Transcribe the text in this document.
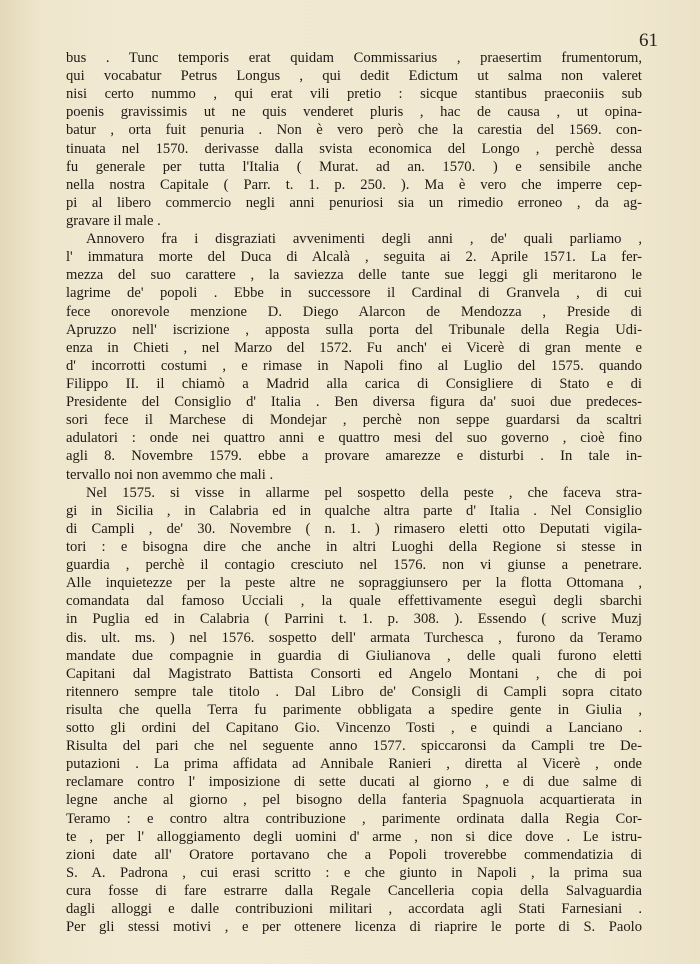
61
bus . Tunc temporis erat quidam Commissarius , praesertim frumentorum,
qui vocabatur Petrus Longus , qui dedit Edictum ut salma non valeret
nisi certo nummo , qui erat vili pretio : sicque stantibus praeconiis sub
poenis gravissimis ut ne quis venderet pluris , hac de causa , ut opina-
batur , orta fuit penuria . Non è vero però che la carestia del 1569. con-
tinuata nel 1570. derivasse dalla svista economica del Longo , perchè dessa
fu generale per tutta l'Italia ( Murat. ad an. 1570. ) e sensibile anche
nella nostra Capitale ( Parr. t. 1. p. 250. ). Ma è vero che imperre cep-
pi al libero commercio negli anni penuriosi sia un rimedio erroneo , da ag-
gravare il male .
Annovero fra i disgraziati avvenimenti degli anni , de' quali parliamo ,
l' immatura morte del Duca di Alcalà , seguita ai 2. Aprile 1571. La fer-
mezza del suo carattere , la saviezza delle tante sue leggi gli meritarono le
lagrime de' popoli . Ebbe in successore il Cardinal di Granvela , di cui
fece onorevole menzione D. Diego Alarcon de Mendozza , Preside di
Apruzzo nell' iscrizione , apposta sulla porta del Tribunale della Regia Udi-
enza in Chieti , nel Marzo del 1572. Fu anch' ei Vicerè di gran mente e
d' incorrotti costumi , e rimase in Napoli fino al Luglio del 1575. quando
Filippo II. il chiamò a Madrid alla carica di Consigliere di Stato e di
Presidente del Consiglio d' Italia . Ben diversa figura da' suoi due predeces-
sori fece il Marchese di Mondejar , perchè non seppe guardarsi da scaltri
adulatori : onde nei quattro anni e quattro mesi del suo governo , cioè fino
agli 8. Novembre 1579. ebbe a provare amarezze e disturbi . In tale in-
tervallo noi non avemmo che mali .
Nel 1575. si visse in allarme pel sospetto della peste , che faceva stra-
gi in Sicilia , in Calabria ed in qualche altra parte d' Italia . Nel Consiglio
di Campli , de' 30. Novembre ( n. 1. ) rimasero eletti otto Deputati vigila-
tori : e bisogna dire che anche in altri Luoghi della Regione si stesse in
guardia , perchè il contagio cresciuto nel 1576. non vi giunse a penetrare.
Alle inquietezze per la peste altre ne sopraggiunsero per la flotta Ottomana ,
comandata dal famoso Ucciali , la quale effettivamente eseguì degli sbarchi
in Puglia ed in Calabria ( Parrini t. 1. p. 308. ). Essendo ( scrive Muzj
dis. ult. ms. ) nel 1576. sospetto dell' armata Turchesca , furono da Teramo
mandate due compagnie in guardia di Giulianova , delle quali furono eletti
Capitani dal Magistrato Battista Consorti ed Angelo Montani , che di poi
ritennero sempre tale titolo . Dal Libro de' Consigli di Campli sopra citato
risulta che quella Terra fu parimente obbligata a spedire gente in Giulia ,
sotto gli ordini del Capitano Gio. Vincenzo Tosti , e quindi a Lanciano .
Risulta del pari che nel seguente anno 1577. spiccaronsi da Campli tre De-
putazioni . La prima affidata ad Annibale Ranieri , diretta al Vicerè , onde
reclamare contro l' imposizione di sette ducati al giorno , e di due salme di
legne anche al giorno , pel bisogno della fanteria Spagnuola acquartierata in
Teramo : e contro altra contribuzione , parimente ordinata dalla Regia Cor-
te , per l' alloggiamento degli uomini d' arme , non si dice dove . Le istru-
zioni date all' Oratore portavano che a Popoli troverebbe commendatizia di
S. A. Padrona , cui erasi scritto : e che giunto in Napoli , la prima sua
cura fosse di fare estrarre dalla Regale Cancelleria copia della Salvaguardia
dagli alloggi e dalle contribuzioni militari , accordata agli Stati Farnesiani .
Per gli stessi motivi , e per ottenere licenza di riaprire le porte di S. Paolo
